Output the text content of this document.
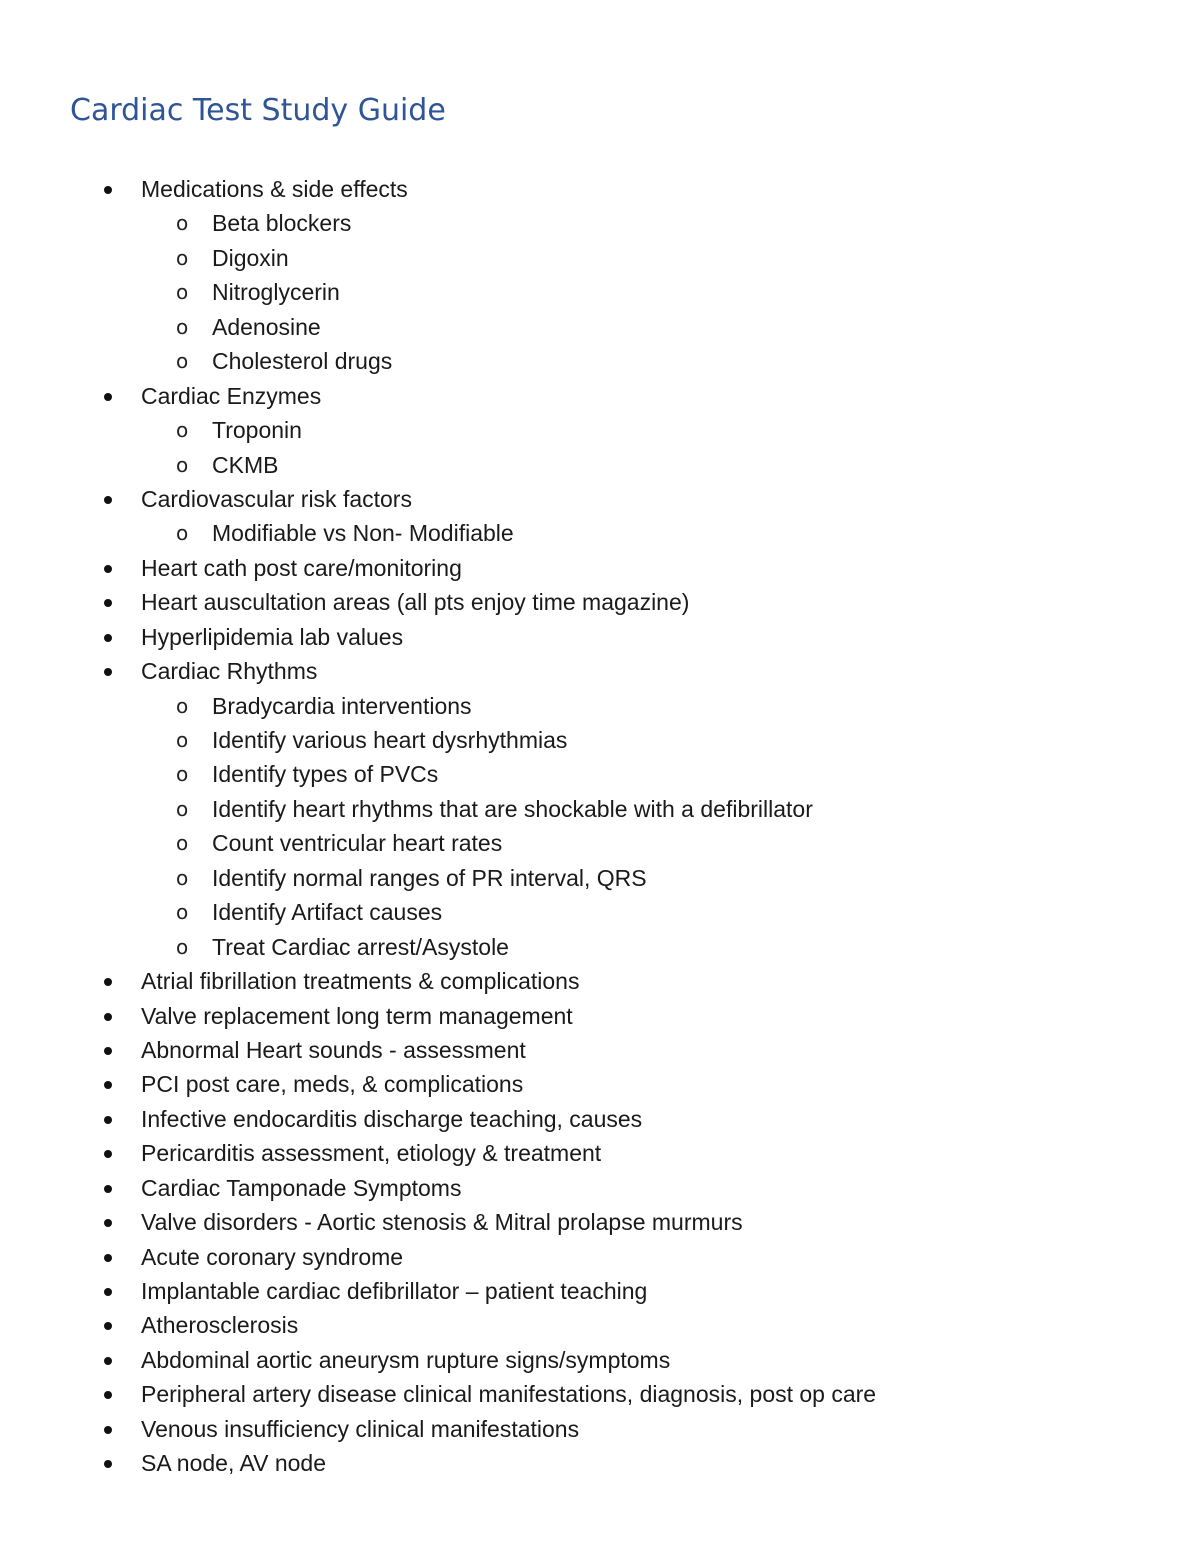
Cardiac Test Study Guide
Medications & side effects
o Beta blockers
o Digoxin
o Nitroglycerin
o Adenosine
o Cholesterol drugs
Cardiac Enzymes
o Troponin
o CKMB
Cardiovascular risk factors
o Modifiable vs Non- Modifiable
Heart cath post care/monitoring
Heart auscultation areas (all pts enjoy time magazine)
Hyperlipidemia lab values
Cardiac Rhythms
o Bradycardia interventions
o Identify various heart dysrhythmias
o Identify types of PVCs
o Identify heart rhythms that are shockable with a defibrillator
o Count ventricular heart rates
o Identify normal ranges of PR interval, QRS
o Identify Artifact causes
o Treat Cardiac arrest/Asystole
Atrial fibrillation treatments & complications
Valve replacement long term management
Abnormal Heart sounds - assessment
PCI post care, meds, & complications
Infective endocarditis discharge teaching, causes
Pericarditis assessment, etiology & treatment
Cardiac Tamponade Symptoms
Valve disorders - Aortic stenosis & Mitral prolapse murmurs
Acute coronary syndrome
Implantable cardiac defibrillator – patient teaching
Atherosclerosis
Abdominal aortic aneurysm rupture signs/symptoms
Peripheral artery disease clinical manifestations, diagnosis, post op care
Venous insufficiency clinical manifestations
SA node, AV node
